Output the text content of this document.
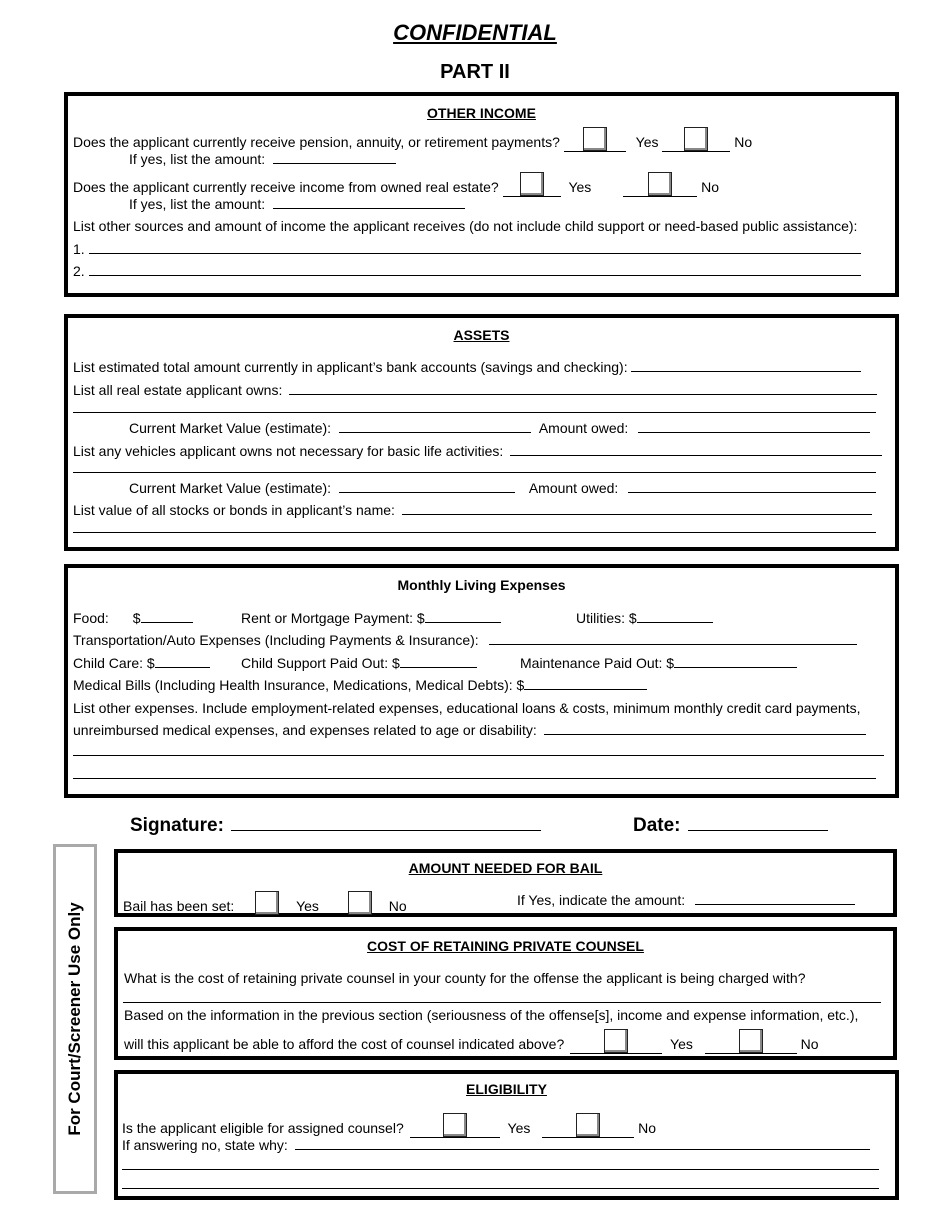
CONFIDENTIAL
PART II
OTHER INCOME
Does the applicant currently receive pension, annuity, or retirement payments?	Yes	No
If yes, list the amount:
Does the applicant currently receive income from owned real estate?	Yes	No
If yes, list the amount:
List other sources and amount of income the applicant receives (do not include child support or need-based public assistance):
1.
2.
ASSETS
List estimated total amount currently in applicant’s bank accounts (savings and checking):
List all real estate applicant owns:
Current Market Value (estimate):	Amount owed:
List any vehicles applicant owns not necessary for basic life activities:
Current Market Value (estimate):	Amount owed:
List value of all stocks or bonds in applicant’s name:
Monthly Living Expenses
Food: $	Rent or Mortgage Payment: $	Utilities: $
Transportation/Auto Expenses (Including Payments & Insurance):
Child Care: $	Child Support Paid Out: $	Maintenance Paid Out: $
Medical Bills (Including Health Insurance, Medications, Medical Debts): $
List other expenses. Include employment-related expenses, educational loans & costs, minimum monthly credit card payments,
unreimbursed medical expenses, and expenses related to age or disability:
Signature:	Date:
For Court/Screener Use Only
AMOUNT NEEDED FOR BAIL
Bail has been set:	Yes	No	If Yes, indicate the amount:
COST OF RETAINING PRIVATE COUNSEL
What is the cost of retaining private counsel in your county for the offense the applicant is being charged with?
Based on the information in the previous section (seriousness of the offense[s], income and expense information, etc.),
will this applicant be able to afford the cost of counsel indicated above?	Yes	No
ELIGIBILITY
Is the applicant eligible for assigned counsel?	Yes	No
If answering no, state why:
